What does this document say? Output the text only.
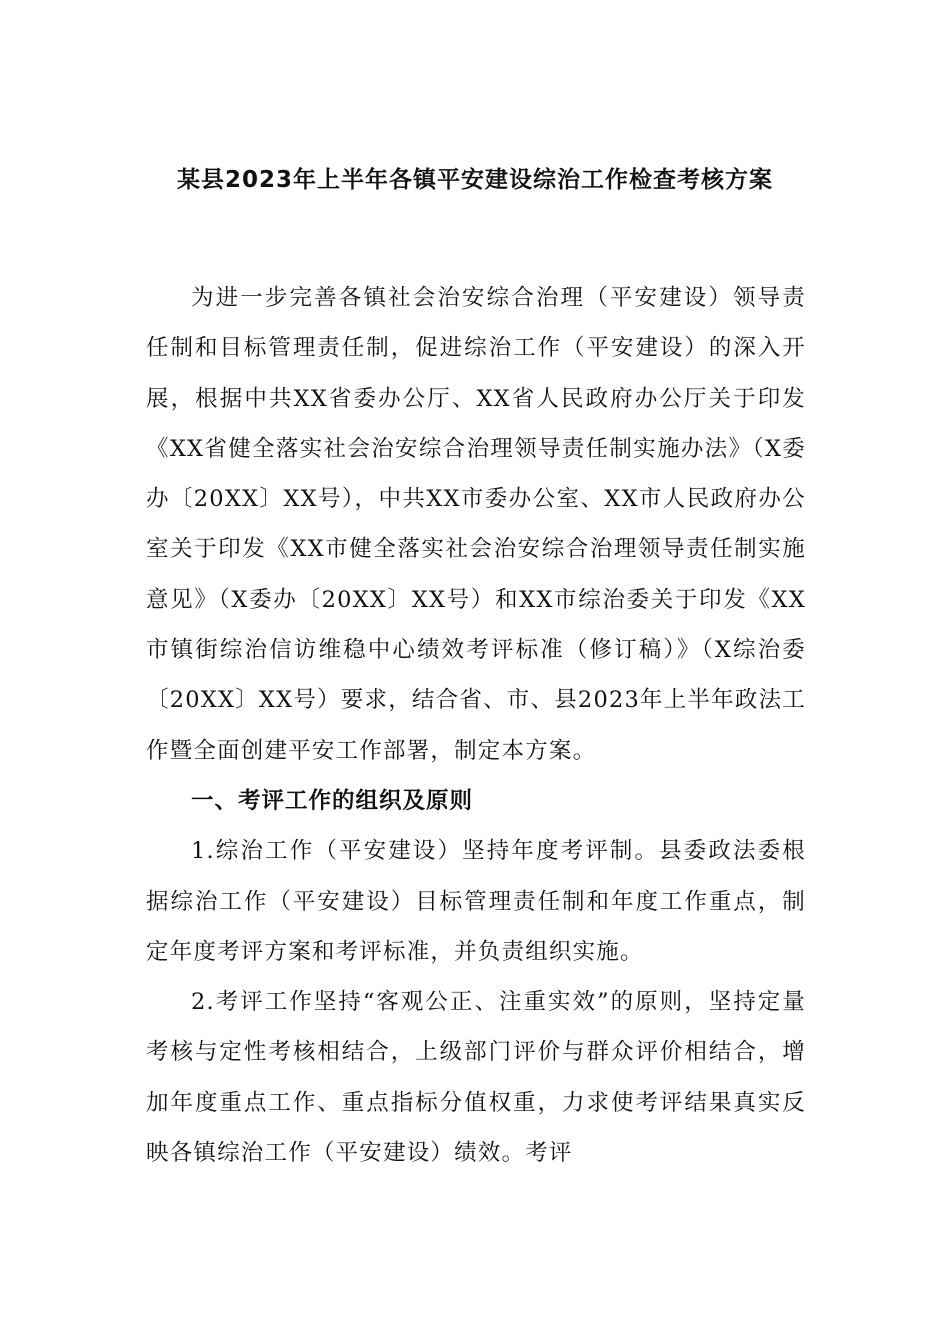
某县2023年上半年各镇平安建设综治工作检查考核方案

为进一步完善各镇社会治安综合治理（平安建设）领导责任制和目标管理责任制，促进综治工作（平安建设）的深入开展，根据中共XX省委办公厅、XX省人民政府办公厅关于印发《XX省健全落实社会治安综合治理领导责任制实施办法》（X委办〔20XX〕XX号），中共XX市委办公室、XX市人民政府办公室关于印发《XX市健全落实社会治安综合治理领导责任制实施意见》（X委办〔20XX〕XX号）和XX市综治委关于印发《XX市镇街综治信访维稳中心绩效考评标准（修订稿）》（X综治委〔20XX〕XX号）要求，结合省、市、县2023年上半年政法工作暨全面创建平安工作部署，制定本方案。

一、考评工作的组织及原则

1.综治工作（平安建设）坚持年度考评制。县委政法委根据综治工作（平安建设）目标管理责任制和年度工作重点，制定年度考评方案和考评标准，并负责组织实施。

2.考评工作坚持“客观公正、注重实效”的原则，坚持定量考核与定性考核相结合，上级部门评价与群众评价相结合，增加年度重点工作、重点指标分值权重，力求使考评结果真实反映各镇综治工作（平安建设）绩效。考评
